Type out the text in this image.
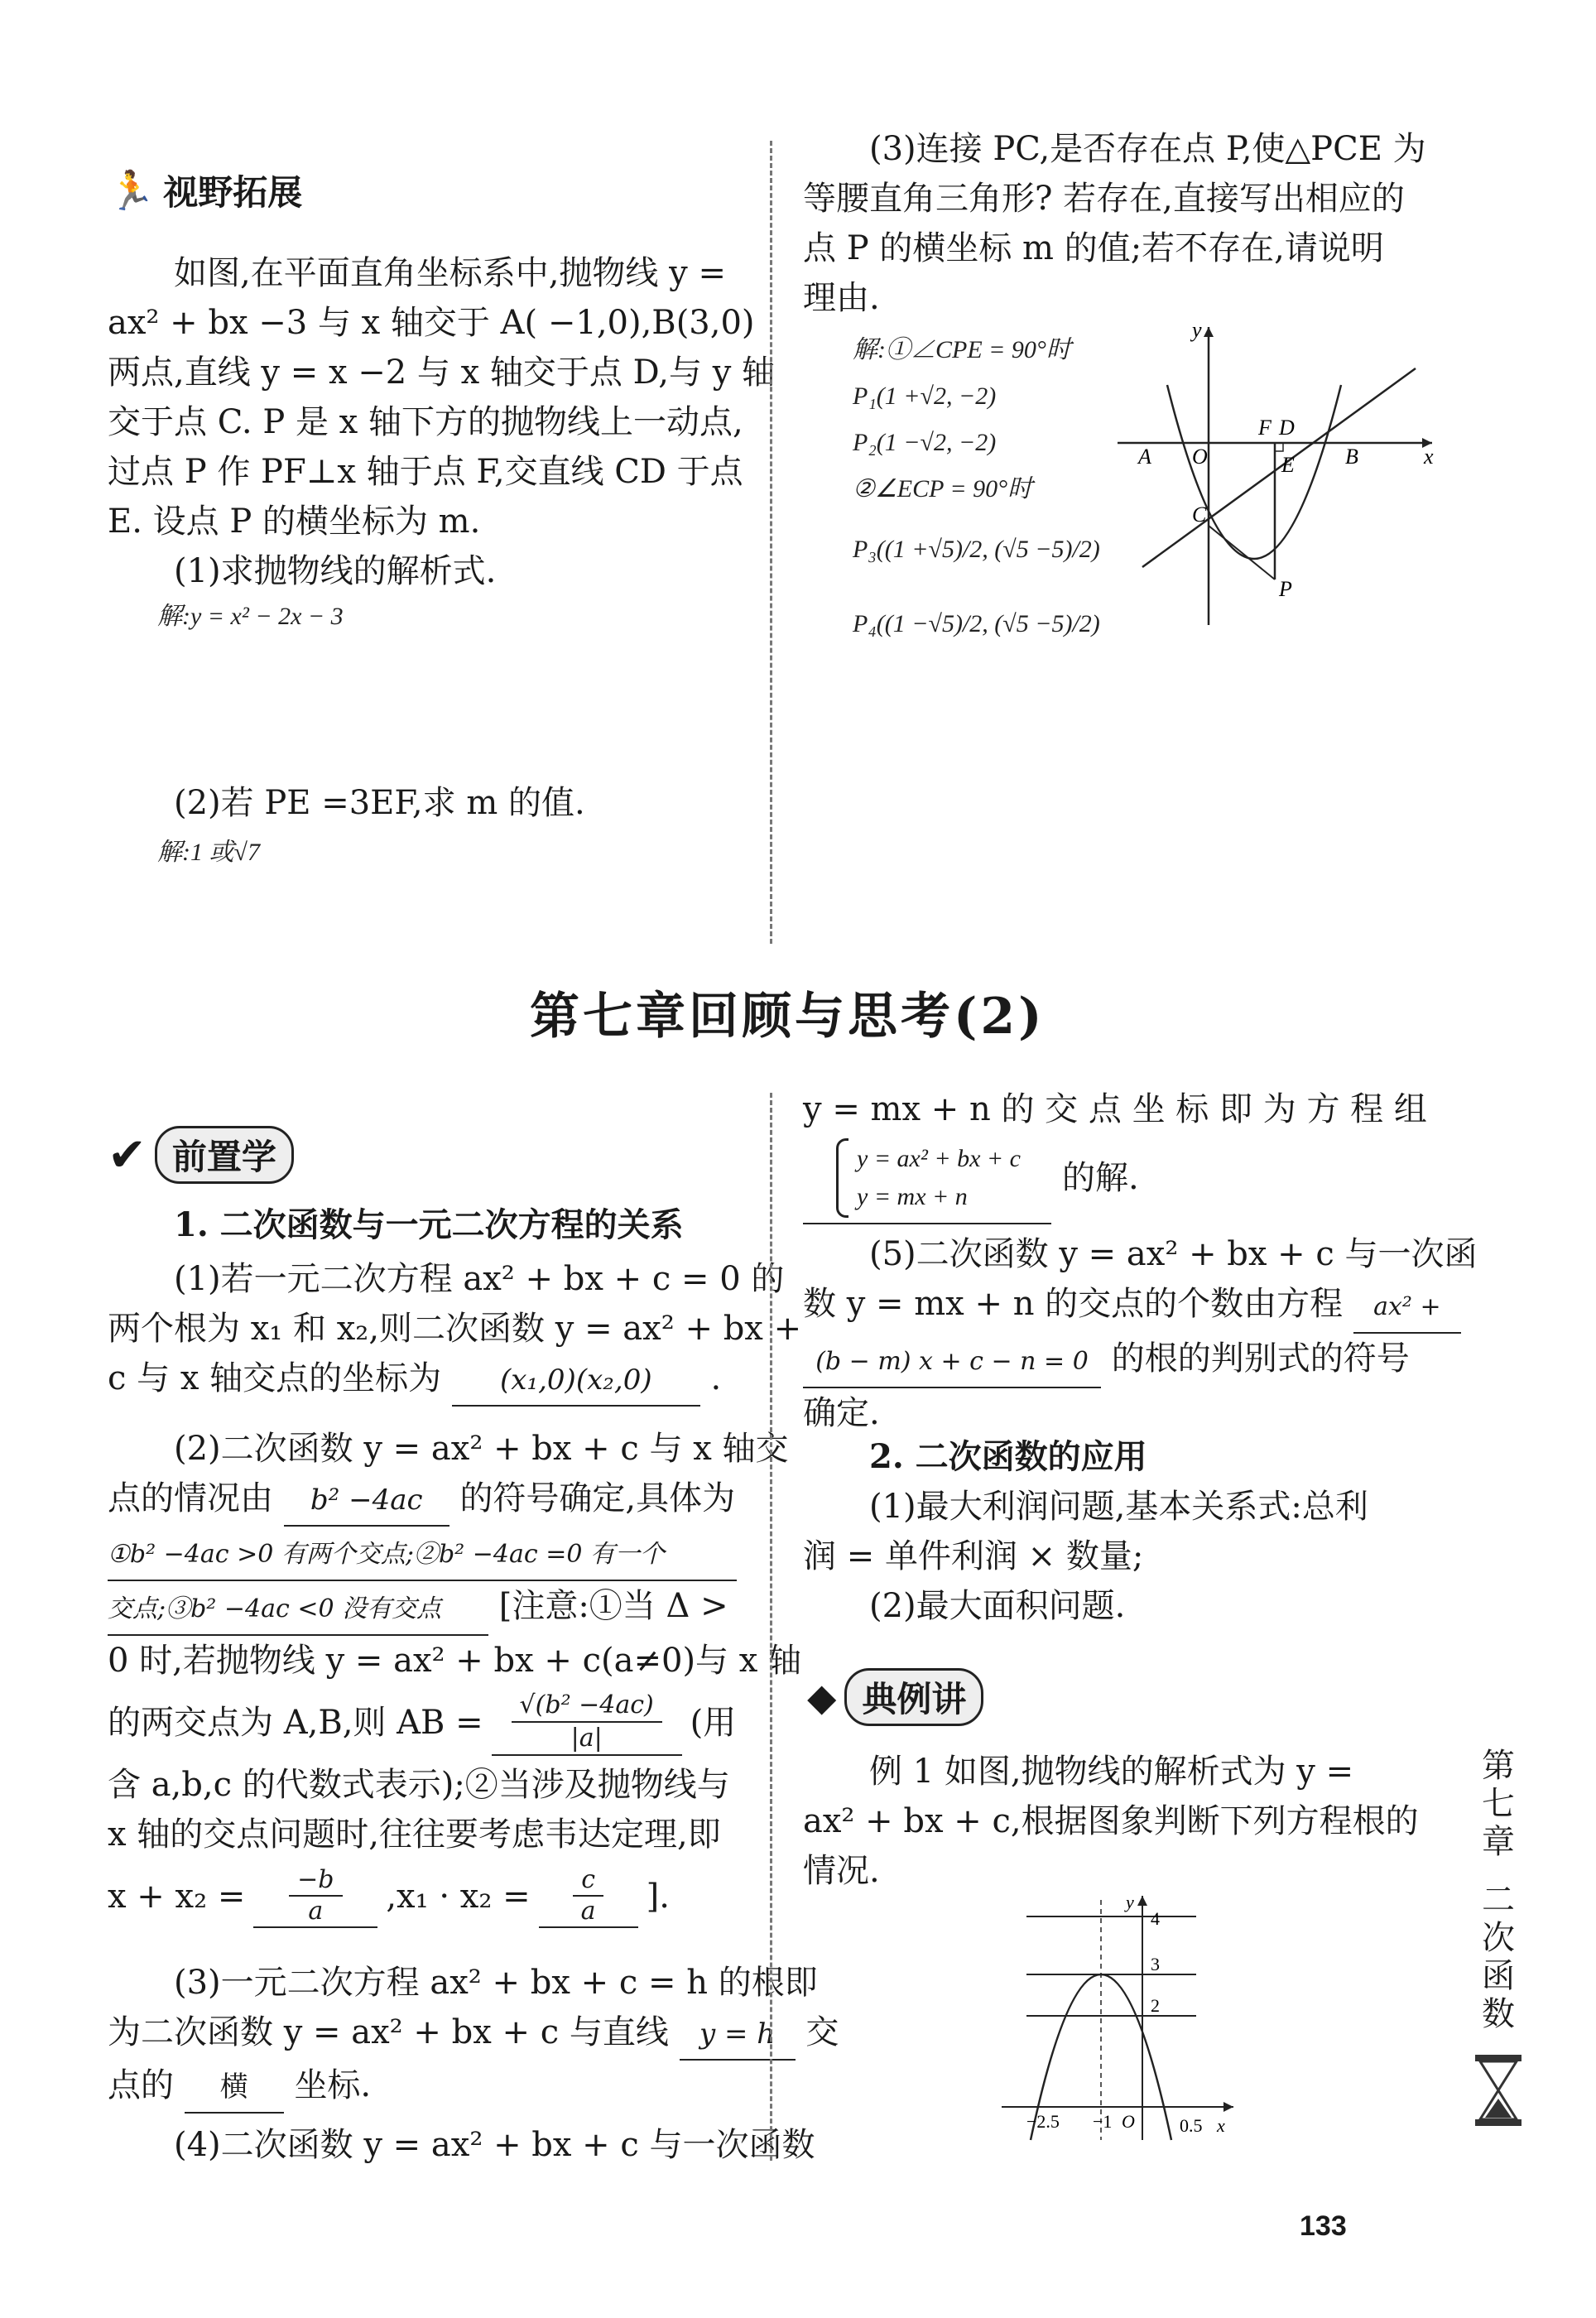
🏃 视野拓展
如图,在平面直角坐标系中,抛物线 y =
ax² + bx −3 与 x 轴交于 A( −1,0),B(3,0)
两点,直线 y = x −2 与 x 轴交于点 D,与 y 轴
交于点 C. P 是 x 轴下方的抛物线上一动点,
过点 P 作 PF⊥x 轴于点 F,交直线 CD 于点
E. 设点 P 的横坐标为 m.
(1)求抛物线的解析式.
解:y = x² − 2x − 3
(2)若 PE =3EF,求 m 的值.
解:1 或√7
(3)连接 PC,是否存在点 P,使△PCE 为
等腰直角三角形? 若存在,直接写出相应的
点 P 的横坐标 m 的值;若不存在,请说明
理由.
解:①∠CPE = 90°时
P₁(1 +√2, −2)
P₂(1 −√2, −2)
②∠ECP = 90°时
P₃((1 +√5)/2, (√5 −5)/2)
P₄((1 −√5)/2, (√5 −5)/2)
y
x
A O
F D
E B
C
P
第七章回顾与思考(2)
✔ 前置学
1. 二次函数与一元二次方程的关系
(1)若一元二次方程 ax² + bx + c = 0 的
两个根为 x₁ 和 x₂,则二次函数 y = ax² + bx +
c 与 x 轴交点的坐标为 (x₁,0)(x₂,0) .
(2)二次函数 y = ax² + bx + c 与 x 轴交
点的情况由 b² −4ac 的符号确定,具体为
①b² −4ac >0 有两个交点;②b² −4ac =0 有一个
交点;③b² −4ac <0 没有交点 [注意:①当 Δ >
0 时,若抛物线 y = ax² + bx + c(a≠0)与 x 轴
的两交点为 A,B,则 AB = $\frac{\text{√(b² −4ac)}}{|a|}$ (用
含 a,b,c 的代数式表示);②当涉及抛物线与
x 轴的交点问题时,往往要考虑韦达定理,即
$x + x_2 = \frac{-b}{a} ,x_1 \cdot x_2 = \frac{c}{a}$ ].
(3)一元二次方程 ax² + bx + c = h 的根即
为二次函数 y = ax² + bx + c 与直线 y = h 交
点的 横 坐标.
(4)二次函数 y = ax² + bx + c 与一次函数
y = mx + n 的 交 点 坐 标 即 为 方 程 组
y = ax² + bx + c
y = mx + n	的解.
(5)二次函数 y = ax² + bx + c 与一次函
数 y = mx + n 的交点的个数由方程 ax² +
(b − m) x + c − n = 0 的根的判别式的符号
确定.
2. 二次函数的应用
(1)最大利润问题,基本关系式:总利
润 = 单件利润 × 数量;
(2)最大面积问题.
◆ 典例讲
例 1 如图,抛物线的解析式为 y =
ax² + bx + c,根据图象判断下列方程根的
情况.
y
4
3
2
−2.5 −1 O 0.5 x
第
七
章
二
次
函
数
133
